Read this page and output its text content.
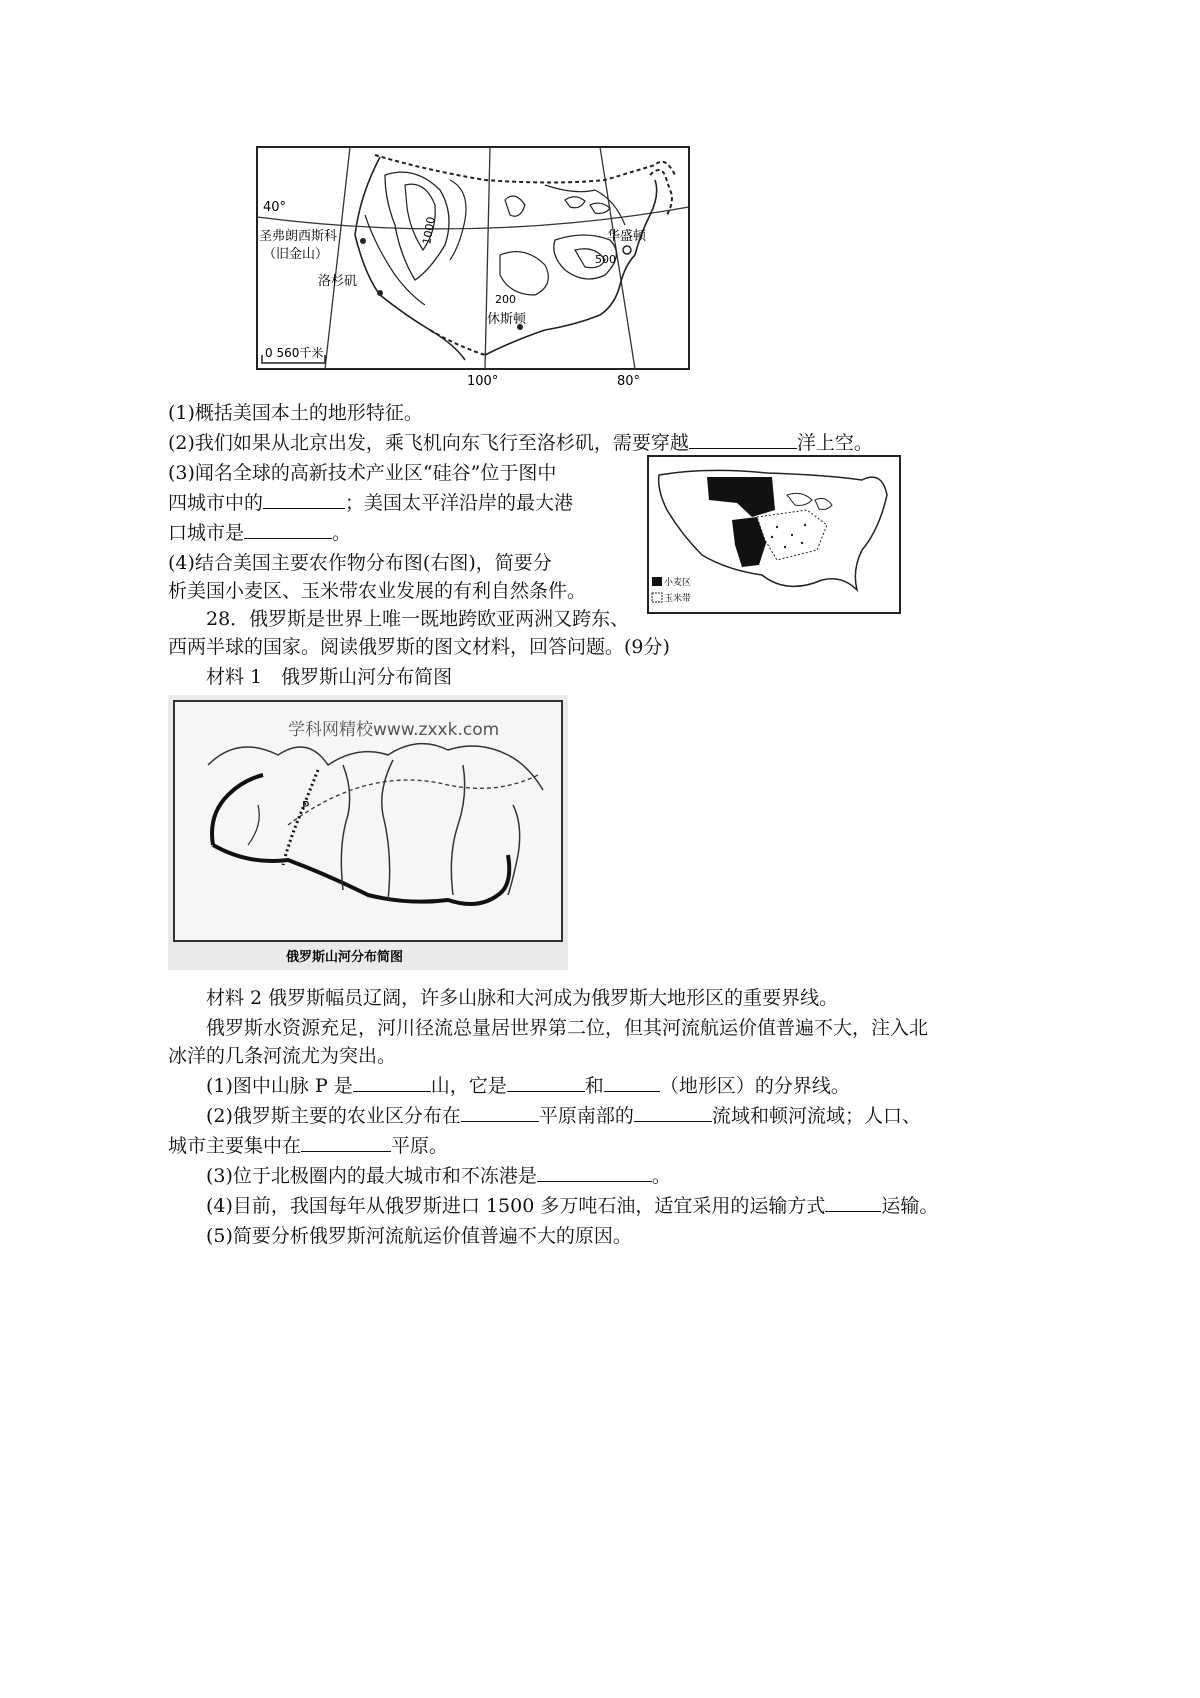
40°
圣弗朗西斯科
（旧金山）
洛杉矶
华盛顿
休斯顿
1000
500
200
0 560千米
100°	80°
小麦区
玉米带
(1)概括美国本土的地形特征。
(2)我们如果从北京出发，乘飞机向东飞行至洛杉矶，需要穿越	洋上空。
(3)闻名全球的高新技术产业区“硅谷”位于图中
四城市中的	；美国太平洋沿岸的最大港
口城市是	。
(4)结合美国主要农作物分布图(右图)，简要分
析美国小麦区、玉米带农业发展的有利自然条件。
28．俄罗斯是世界上唯一既地跨欧亚两洲又跨东、
西两半球的国家。阅读俄罗斯的图文材料，回答问题。(9分)
材料 1　俄罗斯山河分布简图
学科网精校www.zxxk.com
P
俄罗斯山河分布简图
材料 2 俄罗斯幅员辽阔，许多山脉和大河成为俄罗斯大地形区的重要界线。
俄罗斯水资源充足，河川径流总量居世界第二位，但其河流航运价值普遍不大，注入北
冰洋的几条河流尤为突出。
(1)图中山脉 P 是	山，它是	和	（地形区）的分界线。
(2)俄罗斯主要的农业区分布在	平原南部的	流域和顿河流域；人口、
城市主要集中在	平原。
(3)位于北极圈内的最大城市和不冻港是	。
(4)目前，我国每年从俄罗斯进口 1500 多万吨石油，适宜采用的运输方式	运输。
(5)简要分析俄罗斯河流航运价值普遍不大的原因。
